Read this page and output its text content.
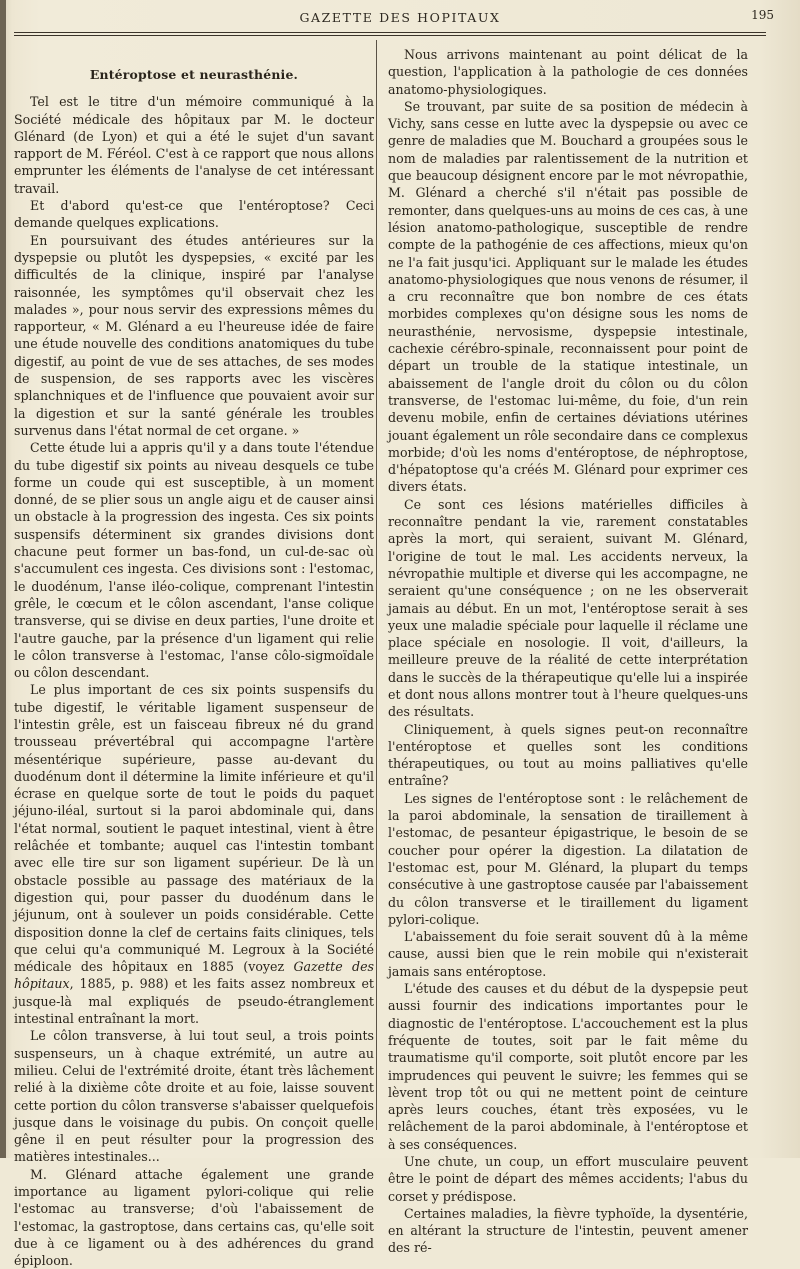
GAZETTE DES HOPITAUX	195
Entéroptose et neurasthénie.

Tel est le titre d'un mémoire communiqué à la Société médicale des hôpitaux par M. le docteur Glénard (de Lyon) et qui a été le sujet d'un savant rapport de M. Féréol. C'est à ce rapport que nous allons emprunter les éléments de l'analyse de cet intéressant travail.

Et d'abord qu'est-ce que l'entéroptose? Ceci demande quelques explications.

En poursuivant des études antérieures sur la dyspepsie ou plutôt les dyspepsies, « excité par les difficultés de la clinique, inspiré par l'analyse raisonnée, les symptômes qu'il observait chez les malades », pour nous servir des expressions mêmes du rapporteur, « M. Glénard a eu l'heureuse idée de faire une étude nouvelle des conditions anatomiques du tube digestif, au point de vue de ses attaches, de ses modes de suspension, de ses rapports avec les viscères splanchniques et de l'influence que pouvaient avoir sur la digestion et sur la santé générale les troubles survenus dans l'état normal de cet organe. »

Cette étude lui a appris qu'il y a dans toute l'étendue du tube digestif six points au niveau desquels ce tube forme un coude qui est susceptible, à un moment donné, de se plier sous un angle aigu et de causer ainsi un obstacle à la progression des ingesta. Ces six points suspensifs déterminent six grandes divisions dont chacune peut former un bas-fond, un cul-de-sac où s'accumulent ces ingesta. Ces divisions sont : l'estomac, le duodénum, l'anse iléo-colique, comprenant l'intestin grêle, le cœcum et le côlon ascendant, l'anse colique transverse, qui se divise en deux parties, l'une droite et l'autre gauche, par la présence d'un ligament qui relie le côlon transverse à l'estomac, l'anse côlo-sigmoïdale ou côlon descendant.

Le plus important de ces six points suspensifs du tube digestif, le véritable ligament suspenseur de l'intestin grêle, est un faisceau fibreux né du grand trousseau prévertébral qui accompagne l'artère mésentérique supérieure, passe au-devant du duodénum dont il détermine la limite inférieure et qu'il écrase en quelque sorte de tout le poids du paquet jéjuno-iléal, surtout si la paroi abdominale qui, dans l'état normal, soutient le paquet intestinal, vient à être relâchée et tombante; auquel cas l'intestin tombant avec elle tire sur son ligament supérieur. De là un obstacle possible au passage des matériaux de la digestion qui, pour passer du duodénum dans le jéjunum, ont à soulever un poids considérable. Cette disposition donne la clef de certains faits cliniques, tels que celui qu'a communiqué M. Legroux à la Société médicale des hôpitaux en 1885 (voyez Gazette des hôpitaux, 1885, p. 988) et les faits assez nombreux et jusque-là mal expliqués de pseudo-étranglement intestinal entraînant la mort.

Le côlon transverse, à lui tout seul, a trois points suspenseurs, un à chaque extrémité, un autre au milieu. Celui de l'extrémité droite, étant très lâchement relié à la dixième côte droite et au foie, laisse souvent cette portion du côlon transverse s'abaisser quelquefois jusque dans le voisinage du pubis. On conçoit quelle gêne il en peut résulter pour la progression des matières intestinales...

M. Glénard attache également une grande importance au ligament pylori-colique qui relie l'estomac au transverse; d'où l'abaissement de l'estomac, la gastroptose, dans certains cas, qu'elle soit due à ce ligament ou à des adhérences du grand épiploon.

Nous arrivons maintenant au point délicat de la question, l'application à la pathologie de ces données anatomo-physiologiques.

Se trouvant, par suite de sa position de médecin à Vichy, sans cesse en lutte avec la dyspepsie ou avec ce genre de maladies que M. Bouchard a groupées sous le nom de maladies par ralentissement de la nutrition et que beaucoup désignent encore par le mot névropathie, M. Glénard a cherché s'il n'était pas possible de remonter, dans quelques-uns au moins de ces cas, à une lésion anatomo-pathologique, susceptible de rendre compte de la pathogénie de ces affections, mieux qu'on ne l'a fait jusqu'ici. Appliquant sur le malade les études anatomo-physiologiques que nous venons de résumer, il a cru reconnaître que bon nombre de ces états morbides complexes qu'on désigne sous les noms de neurasthénie, nervosisme, dyspepsie intestinale, cachexie cérébro-spinale, reconnaissent pour point de départ un trouble de la statique intestinale, un abaissement de l'angle droit du côlon ou du côlon transverse, de l'estomac lui-même, du foie, d'un rein devenu mobile, enfin de certaines déviations utérines jouant également un rôle secondaire dans ce complexus morbide; d'où les noms d'entéroptose, de néphroptose, d'hépatoptose qu'a créés M. Glénard pour exprimer ces divers états.

Ce sont ces lésions matérielles difficiles à reconnaître pendant la vie, rarement constatables après la mort, qui seraient, suivant M. Glénard, l'origine de tout le mal. Les accidents nerveux, la névropathie multiple et diverse qui les accompagne, ne seraient qu'une conséquence ; on ne les observerait jamais au début. En un mot, l'entéroptose serait à ses yeux une maladie spéciale pour laquelle il réclame une place spéciale en nosologie. Il voit, d'ailleurs, la meilleure preuve de la réalité de cette interprétation dans le succès de la thérapeutique qu'elle lui a inspirée et dont nous allons montrer tout à l'heure quelques-uns des résultats.

Cliniquement, à quels signes peut-on reconnaître l'entéroptose et quelles sont les conditions thérapeutiques, ou tout au moins palliatives qu'elle entraîne?

Les signes de l'entéroptose sont : le relâchement de la paroi abdominale, la sensation de tiraillement à l'estomac, de pesanteur épigastrique, le besoin de se coucher pour opérer la digestion. La dilatation de l'estomac est, pour M. Glénard, la plupart du temps consécutive à une gastroptose causée par l'abaissement du côlon transverse et le tiraillement du ligament pylori-colique.

L'abaissement du foie serait souvent dû à la même cause, aussi bien que le rein mobile qui n'existerait jamais sans entéroptose.

L'étude des causes et du début de la dyspepsie peut aussi fournir des indications importantes pour le diagnostic de l'entéroptose. L'accouchement est la plus fréquente de toutes, soit par le fait même du traumatisme qu'il comporte, soit plutôt encore par les imprudences qui peuvent le suivre; les femmes qui se lèvent trop tôt ou qui ne mettent point de ceinture après leurs couches, étant très exposées, vu le relâchement de la paroi abdominale, à l'entéroptose et à ses conséquences.

Une chute, un coup, un effort musculaire peuvent être le point de départ des mêmes accidents; l'abus du corset y prédispose.

Certaines maladies, la fièvre typhoïde, la dysentérie, en altérant la structure de l'intestin, peuvent amener des ré-
